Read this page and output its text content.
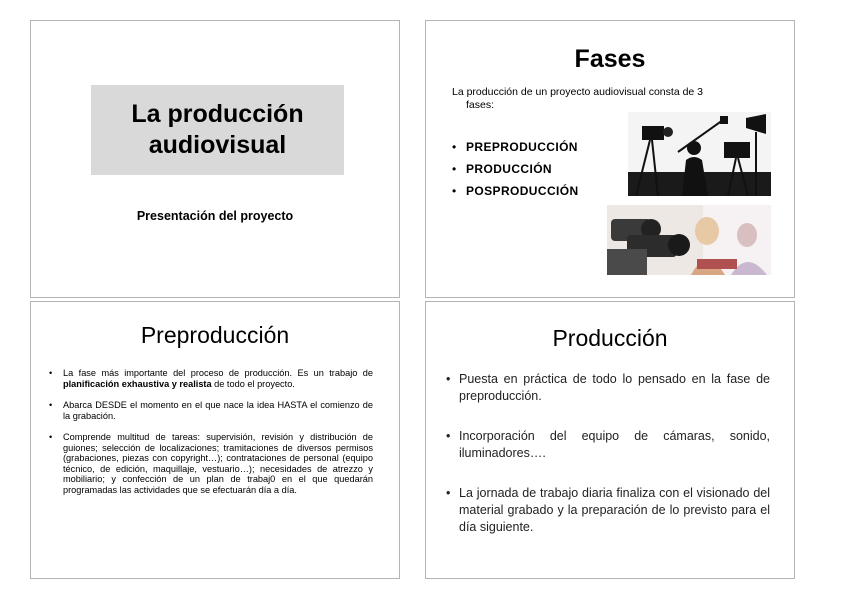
La producción
audiovisual
Presentación del proyecto
Fases
La producción de un proyecto audiovisual consta de 3
fases:
• PREPRODUCCIÓN
• PRODUCCIÓN
• POSPRODUCCIÓN
Preproducción
• La fase más importante del proceso de producción. Es un trabajo de planificación exhaustiva y realista de todo el proyecto.
• Abarca DESDE el momento en el que nace la idea HASTA el comienzo de la grabación.
• Comprende multitud de tareas: supervisión, revisión y distribución de guiones; selección de localizaciones; tramitaciones de diversos permisos (grabaciones, piezas con copyright…); contrataciones de personal (equipo técnico, de edición, maquillaje, vestuario…); necesidades de atrezzo y mobiliario; y confección de un plan de trabaj0 en el que quedarán programadas las actividades que se efectuarán día a día.
Producción
• Puesta en práctica de todo lo pensado en la fase de preproducción.
• Incorporación del equipo de cámaras, sonido, iluminadores….
• La jornada de trabajo diaria finaliza con el visionado del material grabado y la preparación de lo previsto para el día siguiente.
